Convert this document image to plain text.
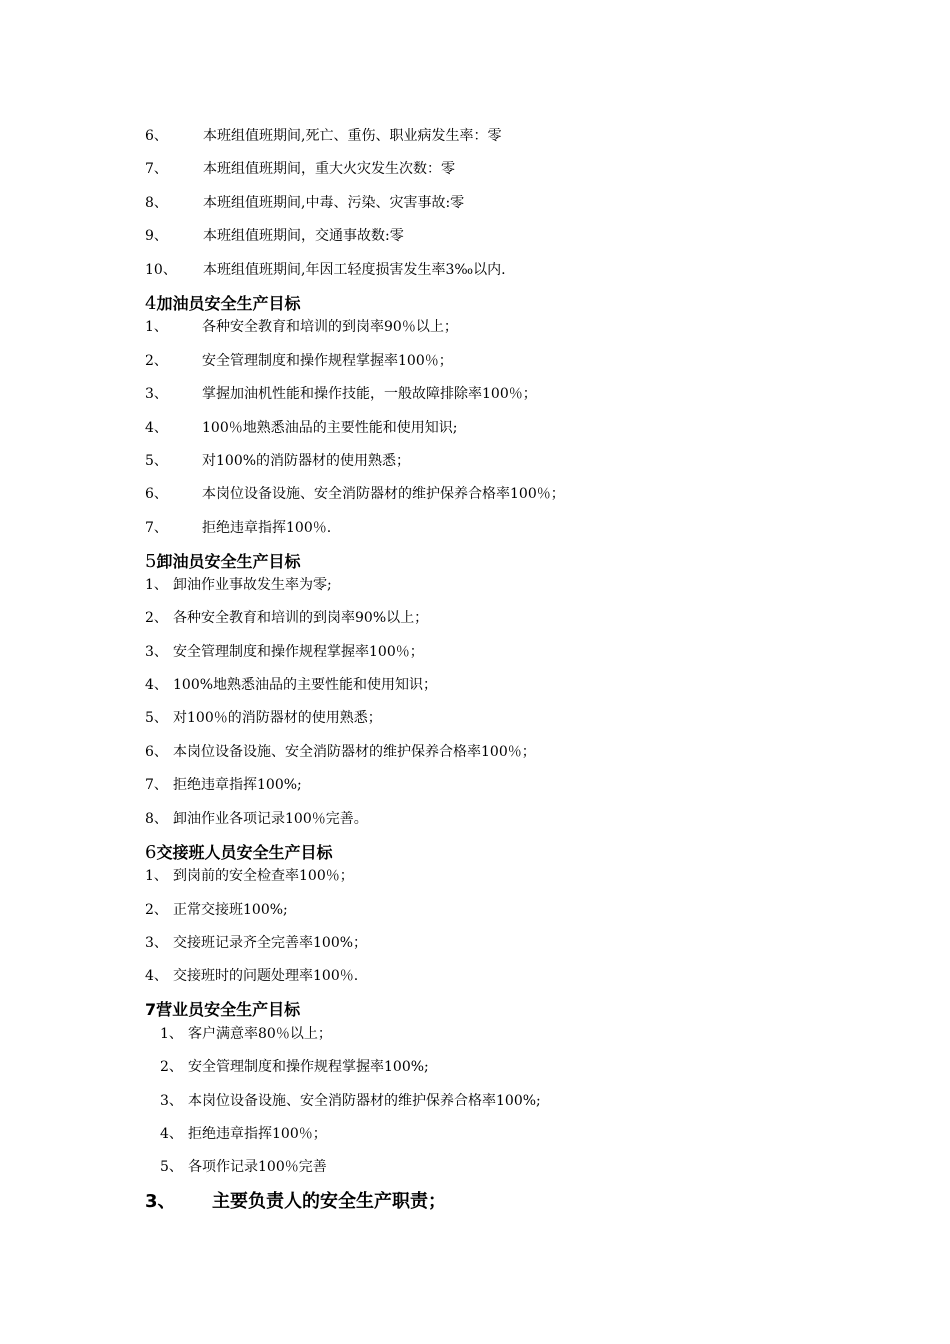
6、	本班组值班期间,死亡、重伤、职业病发生率：零
7、	本班组值班期间，重大火灾发生次数：零
8、	本班组值班期间,中毒、污染、灾害事故:零
9、	本班组值班期间，交通事故数:零
10、 本班组值班期间,年因工轻度损害发生率3‰以内.
4加油员安全生产目标
1、 各种安全教育和培训的到岗率90％以上；
2、 安全管理制度和操作规程掌握率100％；
3、 掌握加油机性能和操作技能，一般故障排除率100％；
4、 100％地熟悉油品的主要性能和使用知识;
5、 对100%的消防器材的使用熟悉；
6、 本岗位设备设施、安全消防器材的维护保养合格率100％；
7、 拒绝违章指挥100％.
5卸油员安全生产目标
1、 卸油作业事故发生率为零;
2、 各种安全教育和培训的到岗率90%以上；
3、 安全管理制度和操作规程掌握率100％；
4、 100%地熟悉油品的主要性能和使用知识；
5、 对100％的消防器材的使用熟悉；
6、 本岗位设备设施、安全消防器材的维护保养合格率100％；
7、 拒绝违章指挥100%;
8、 卸油作业各项记录100％完善。
6交接班人员安全生产目标
1、 到岗前的安全检查率100％；
2、 正常交接班100%;
3、 交接班记录齐全完善率100%；
4、 交接班时的问题处理率100％.
7营业员安全生产目标
1、 客户满意率80％以上；
2、 安全管理制度和操作规程掌握率100%;
3、 本岗位设备设施、安全消防器材的维护保养合格率100%;
4、 拒绝违章指挥100％；
5、 各项作记录100％完善
3、 主要负责人的安全生产职责；
